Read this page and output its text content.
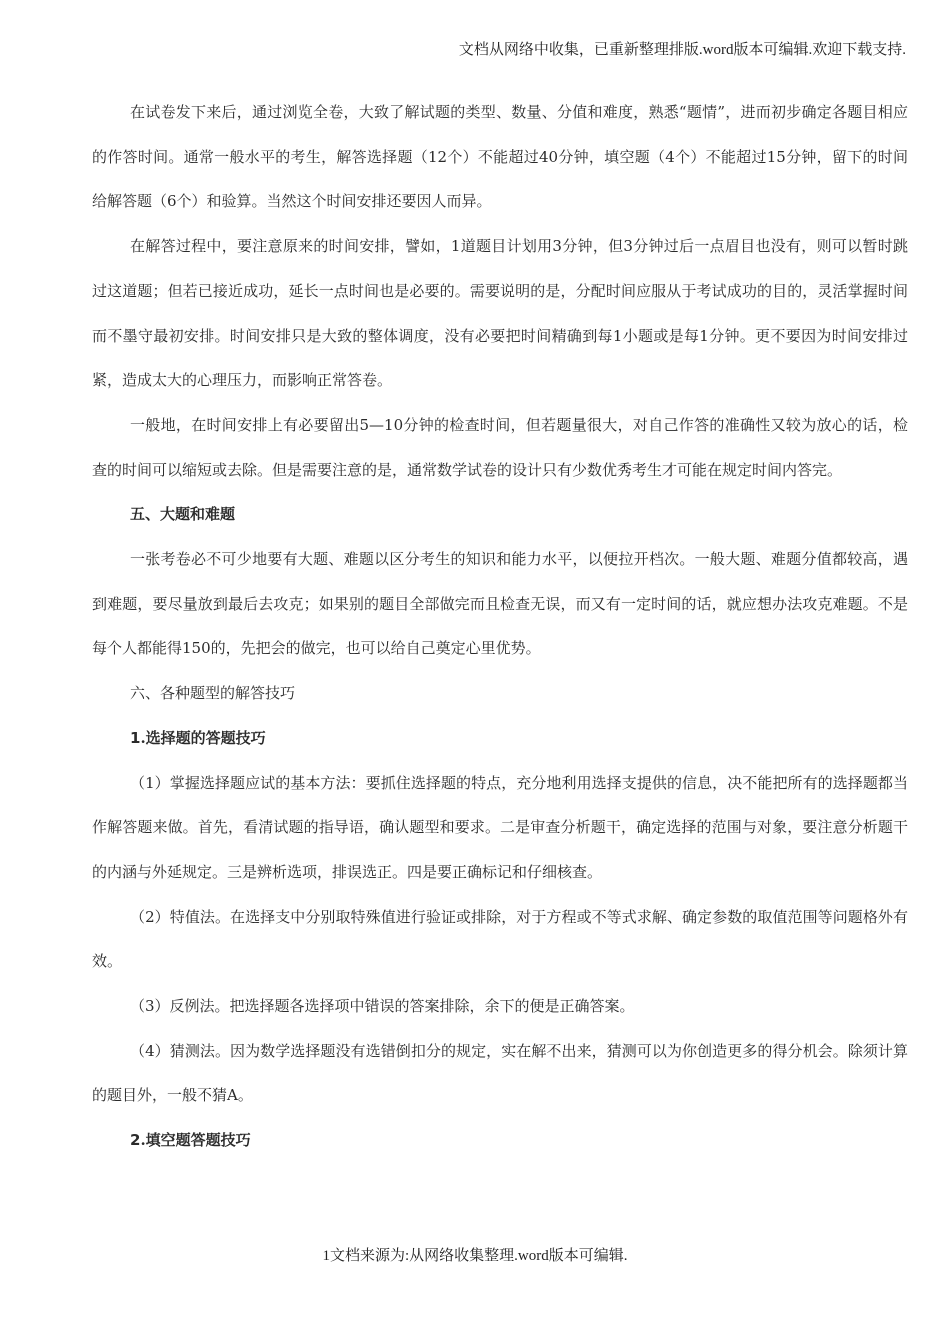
文档从网络中收集，已重新整理排版.word版本可编辑.欢迎下载支持.

在试卷发下来后，通过浏览全卷，大致了解试题的类型、数量、分值和难度，熟悉“题情”，进而初步确定各题目相应的作答时间。通常一般水平的考生，解答选择题（12个）不能超过40分钟，填空题（4个）不能超过15分钟，留下的时间给解答题（6个）和验算。当然这个时间安排还要因人而异。

在解答过程中，要注意原来的时间安排，譬如，1道题目计划用3分钟，但3分钟过后一点眉目也没有，则可以暂时跳过这道题；但若已接近成功，延长一点时间也是必要的。需要说明的是，分配时间应服从于考试成功的目的，灵活掌握时间而不墨守最初安排。时间安排只是大致的整体调度，没有必要把时间精确到每1小题或是每1分钟。更不要因为时间安排过紧，造成太大的心理压力，而影响正常答卷。

一般地，在时间安排上有必要留出5—10分钟的检查时间，但若题量很大，对自己作答的准确性又较为放心的话，检查的时间可以缩短或去除。但是需要注意的是，通常数学试卷的设计只有少数优秀考生才可能在规定时间内答完。

五、大题和难题

一张考卷必不可少地要有大题、难题以区分考生的知识和能力水平，以便拉开档次。一般大题、难题分值都较高，遇到难题，要尽量放到最后去攻克；如果别的题目全部做完而且检查无误，而又有一定时间的话，就应想办法攻克难题。不是每个人都能得150的，先把会的做完，也可以给自己奠定心里优势。

六、各种题型的解答技巧

1.选择题的答题技巧

（1）掌握选择题应试的基本方法：要抓住选择题的特点，充分地利用选择支提供的信息，决不能把所有的选择题都当作解答题来做。首先，看清试题的指导语，确认题型和要求。二是审查分析题干，确定选择的范围与对象，要注意分析题干的内涵与外延规定。三是辨析选项，排误选正。四是要正确标记和仔细核查。

（2）特值法。在选择支中分别取特殊值进行验证或排除，对于方程或不等式求解、确定参数的取值范围等问题格外有效。

（3）反例法。把选择题各选择项中错误的答案排除，余下的便是正确答案。

（4）猜测法。因为数学选择题没有选错倒扣分的规定，实在解不出来，猜测可以为你创造更多的得分机会。除须计算的题目外，一般不猜A。

2.填空题答题技巧

1文档来源为:从网络收集整理.word版本可编辑.
